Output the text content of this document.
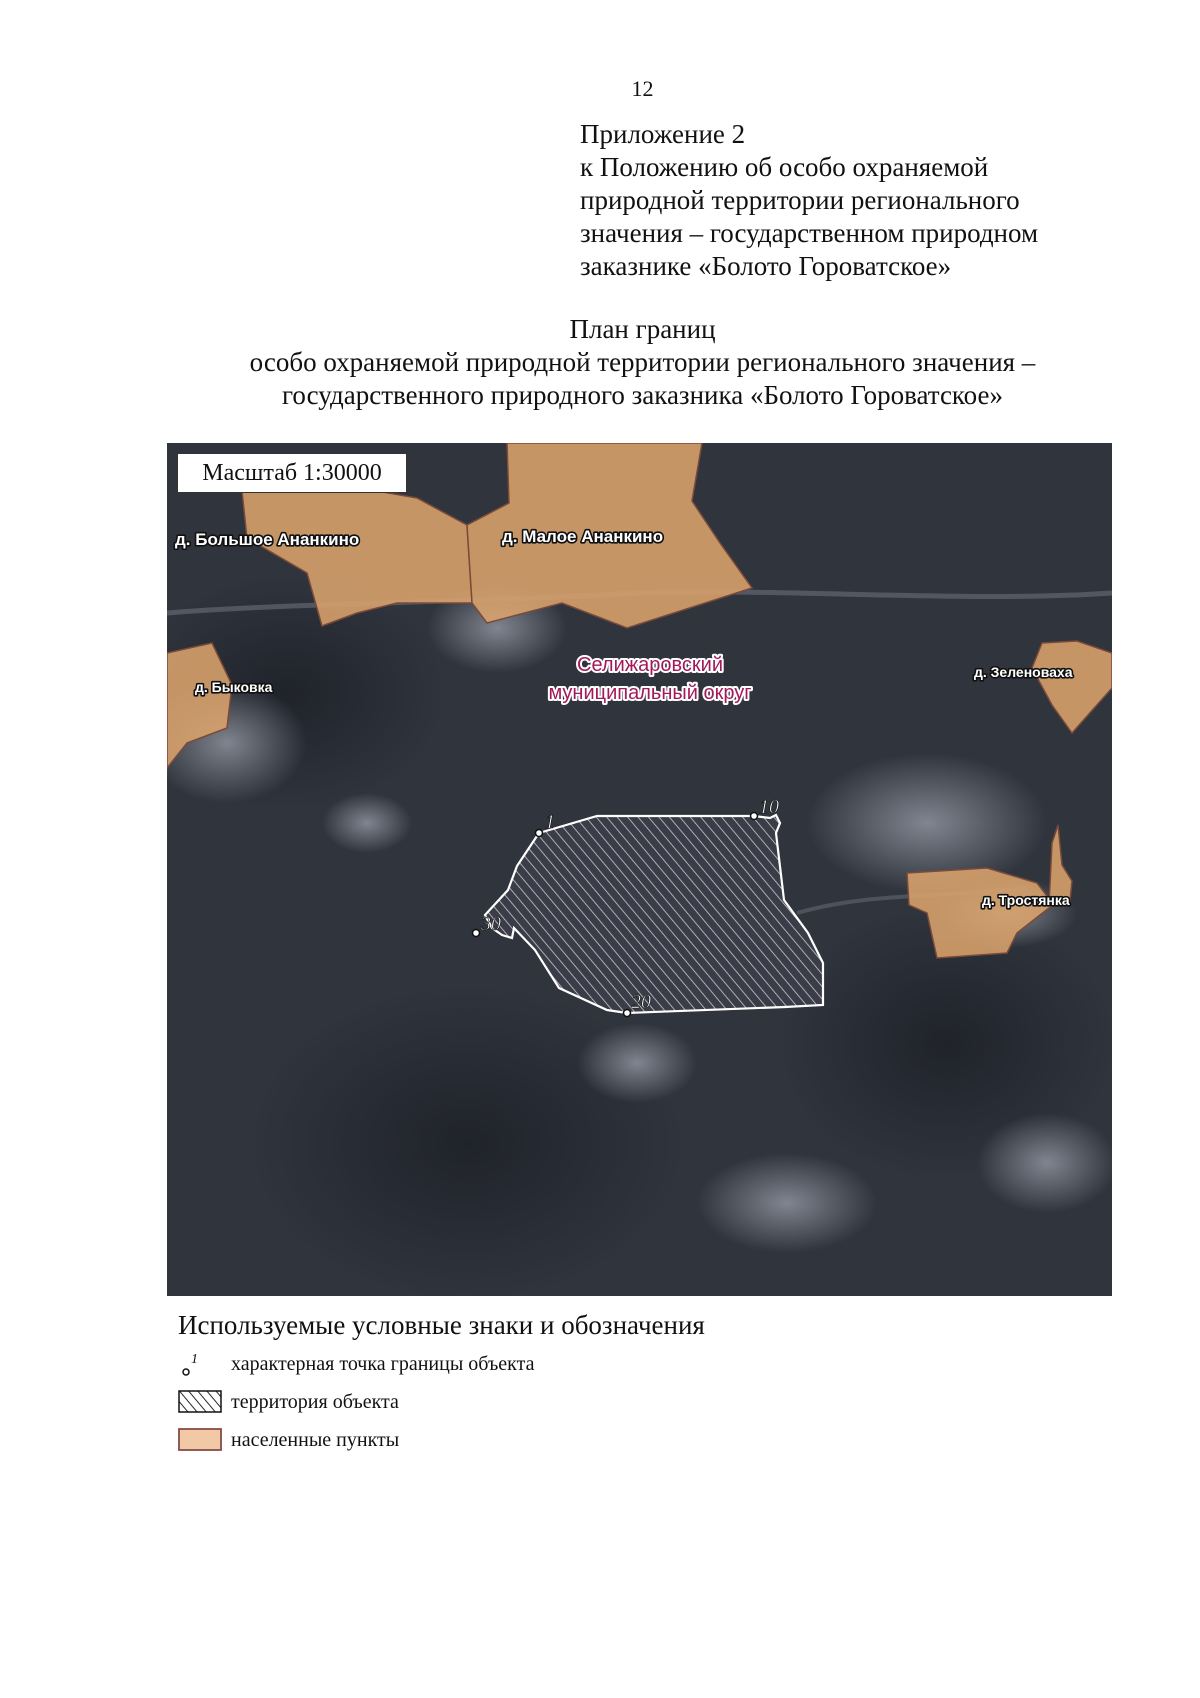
12
Приложение 2
к Положению об особо охраняемой
природной территории регионального
значения – государственном природном
заказнике «Болото Горoватское»
План границ
особо охраняемой природной территории регионального значения –
государственного природного заказника «Болото Гороватское»
1
10
20
30
д. Большое Ананкино	д. Малое Ананкино
д. Быковка
д. Зеленоваха
д. Тростянка
Селижаровский
муниципальный округ
Масштаб 1:30000
Используемые условные знаки и обозначения
1 характерная точка границы объекта
территория объекта
населенные пункты
